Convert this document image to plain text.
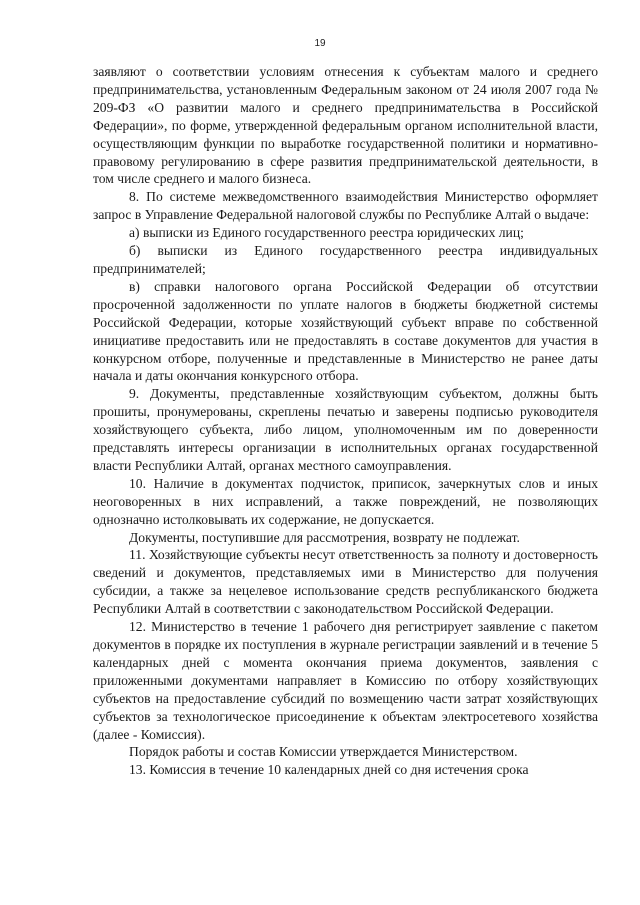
19

заявляют о соответствии условиям отнесения к субъектам малого и среднего предпринимательства, установленным Федеральным законом от 24 июля 2007 года № 209-ФЗ «О развитии малого и среднего предпринимательства в Российской Федерации», по форме, утвержденной федеральным органом исполнительной власти, осуществляющим функции по выработке государственной политики и нормативно-правовому регулированию в сфере развития предпринимательской деятельности, в том числе среднего и малого бизнеса.

8. По системе межведомственного взаимодействия Министерство оформляет запрос в Управление Федеральной налоговой службы по Республике Алтай о выдаче:

а) выписки из Единого государственного реестра юридических лиц;

б) выписки из Единого государственного реестра индивидуальных предпринимателей;

в) справки налогового органа Российской Федерации об отсутствии просроченной задолженности по уплате налогов в бюджеты бюджетной системы Российской Федерации, которые хозяйствующий субъект вправе по собственной инициативе предоставить или не предоставлять в составе документов для участия в конкурсном отборе, полученные и представленные в Министерство не ранее даты начала и даты окончания конкурсного отбора.

9. Документы, представленные хозяйствующим субъектом, должны быть прошиты, пронумерованы, скреплены печатью и заверены подписью руководителя хозяйствующего субъекта, либо лицом, уполномоченным им по доверенности представлять интересы организации в исполнительных органах государственной власти Республики Алтай, органах местного самоуправления.

10. Наличие в документах подчисток, приписок, зачеркнутых слов и иных неоговоренных в них исправлений, а также повреждений, не позволяющих однозначно истолковывать их содержание, не допускается.

Документы, поступившие для рассмотрения, возврату не подлежат.

11. Хозяйствующие субъекты несут ответственность за полноту и достоверность сведений и документов, представляемых ими в Министерство для получения субсидии, а также за нецелевое использование средств республиканского бюджета Республики Алтай в соответствии с законодательством Российской Федерации.

12. Министерство в течение 1 рабочего дня регистрирует заявление с пакетом документов в порядке их поступления в журнале регистрации заявлений и в течение 5 календарных дней с момента окончания приема документов, заявления с приложенными документами направляет в Комиссию по отбору хозяйствующих субъектов на предоставление субсидий по возмещению части затрат хозяйствующих субъектов за технологическое присоединение к объектам электросетевого хозяйства (далее - Комиссия).

Порядок работы и состав Комиссии утверждается Министерством.

13. Комиссия в течение 10 календарных дней со дня истечения срока
